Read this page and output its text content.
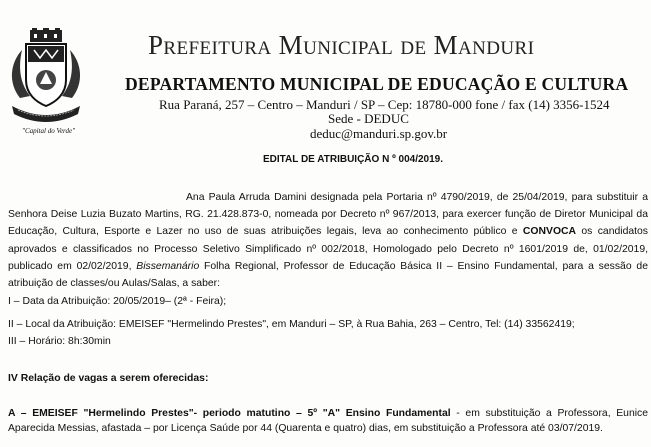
"Capital do Verde"
Prefeitura Municipal de Manduri
DEPARTAMENTO MUNICIPAL DE EDUCAÇÃO E CULTURA
Rua Paraná, 257 – Centro – Manduri / SP – Cep: 18780-000 fone / fax (14) 3356-1524
Sede - DEDUC
deduc@manduri.sp.gov.br
EDITAL DE ATRIBUIÇÃO N º 004/2019.

Ana Paula Arruda Damini designada pela Portaria nº 4790/2019, de 25/04/2019, para substituir a Senhora Deise Luzia Buzato Martins, RG. 21.428.873-0, nomeada por Decreto nº 967/2013, para exercer função de Diretor Municipal da Educação, Cultura, Esporte e Lazer no uso de suas atribuições legais, leva ao conhecimento público e CONVOCA os candidatos aprovados e classificados no Processo Seletivo Simplificado nº 002/2018, Homologado pelo Decreto nº 1601/2019 de, 01/02/2019, publicado em 02/02/2019, Bissemanário Folha Regional, Professor de Educação Básica II – Ensino Fundamental, para a sessão de atribuição de classes/ou Aulas/Salas, a saber:

I – Data da Atribuição: 20/05/2019– (2ª - Feira);
II – Local da Atribuição: EMEISEF "Hermelindo Prestes", em Manduri – SP, à Rua Bahia, 263 – Centro, Tel: (14) 33562419;
III – Horário: 8h:30min
IV Relação de vagas a serem oferecidas:

A – EMEISEF "Hermelindo Prestes"- periodo matutino – 5º "A" Ensino Fundamental - em substituição a Professora, Eunice Aparecida Messias, afastada – por Licença Saúde por 44 (Quarenta e quatro) dias, em substituição a Professora até 03/07/2019.
